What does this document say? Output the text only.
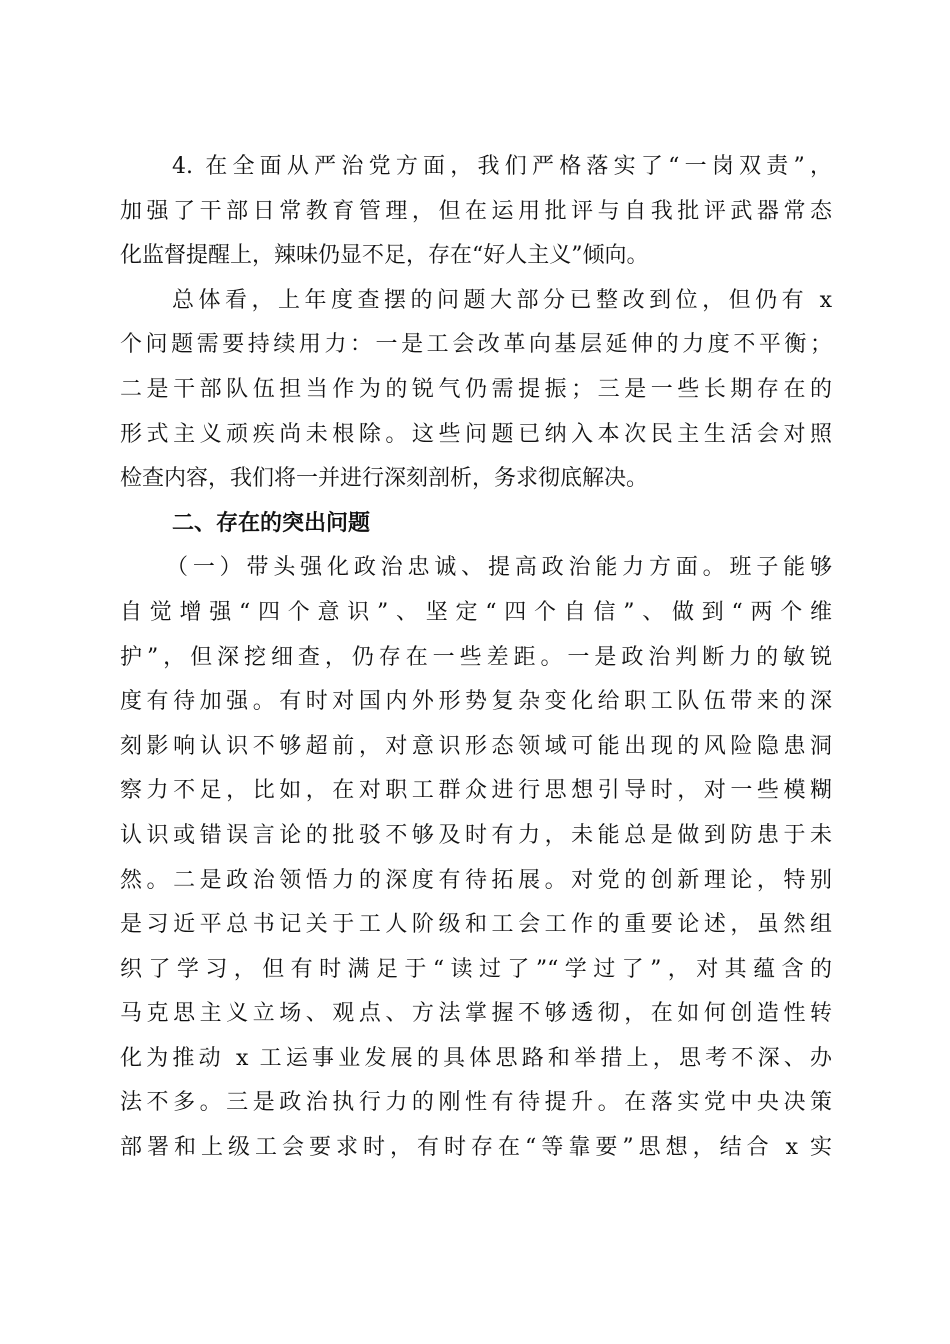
4. 在全面从严治党方面，我们严格落实了“一岗双责”，
加强了干部日常教育管理，但在运用批评与自我批评武器常态
化监督提醒上，辣味仍显不足，存在“好人主义”倾向。
总体看，上年度查摆的问题大部分已整改到位，但仍有 x
个问题需要持续用力：一是工会改革向基层延伸的力度不平衡；
二是干部队伍担当作为的锐气仍需提振；三是一些长期存在的
形式主义顽疾尚未根除。这些问题已纳入本次民主生活会对照
检查内容，我们将一并进行深刻剖析，务求彻底解决。
二、存在的突出问题
（一）带头强化政治忠诚、提高政治能力方面。班子能够
自觉增强“四个意识”、坚定“四个自信”、做到“两个维
护”，但深挖细查，仍存在一些差距。一是政治判断力的敏锐
度有待加强。有时对国内外形势复杂变化给职工队伍带来的深
刻影响认识不够超前，对意识形态领域可能出现的风险隐患洞
察力不足，比如，在对职工群众进行思想引导时，对一些模糊
认识或错误言论的批驳不够及时有力，未能总是做到防患于未
然。二是政治领悟力的深度有待拓展。对党的创新理论，特别
是习近平总书记关于工人阶级和工会工作的重要论述，虽然组
织了学习，但有时满足于“读过了”“学过了”，对其蕴含的
马克思主义立场、观点、方法掌握不够透彻，在如何创造性转
化为推动 x 工运事业发展的具体思路和举措上，思考不深、办
法不多。三是政治执行力的刚性有待提升。在落实党中央决策
部署和上级工会要求时，有时存在“等靠要”思想，结合 x 实
